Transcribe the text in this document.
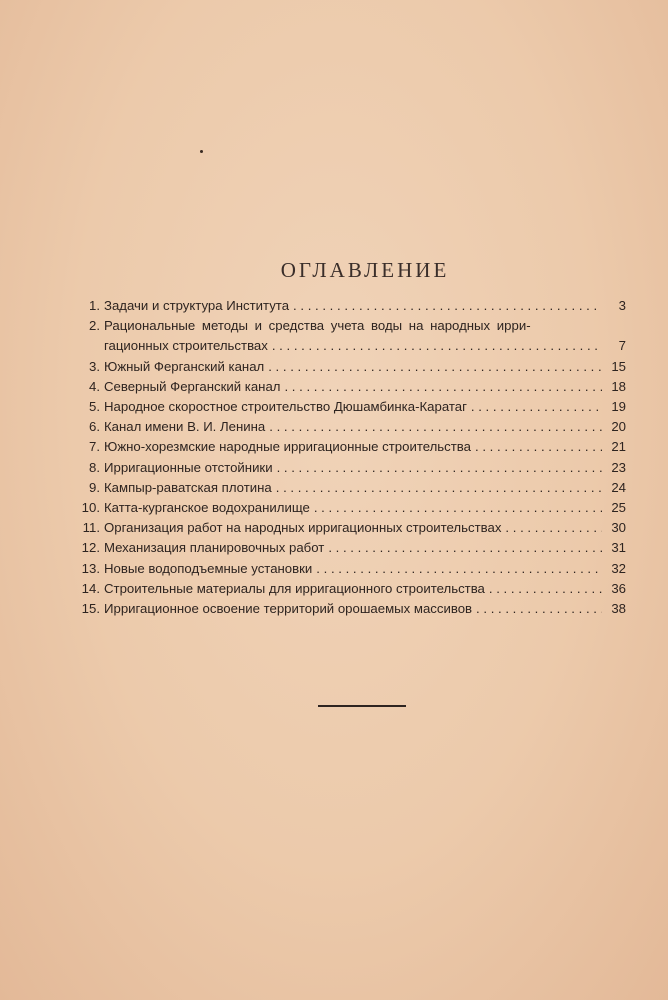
ОГЛАВЛЕНИЕ
1. Задачи и структура Института . . .	3
2. Рациональные методы и средства учета воды на народных ирри-
гационных строительствах . . .	7
3. Южный Ферганский канал . . .	15
4. Северный Ферганский канал . . .	18
5. Народное скоростное строительство Дюшамбинка-Каратаг . . .	19
6. Канал имени В. И. Ленина . . .	20
7. Южно-хорезмские народные ирригационные строительства . . .	21
8. Ирригационные отстойники . . .	23
9. Кампыр-раватская плотина . . .	24
10. Катта-курганское водохранилище . . .	25
11. Организация работ на народных ирригационных строительствах . . .	30
12. Механизация планировочных работ . . .	31
13. Новые водоподъемные установки . . .	32
14. Строительные материалы для ирригационного строительства . . .	36
15. Ирригационное освоение территорий орошаемых массивов . . .	38
